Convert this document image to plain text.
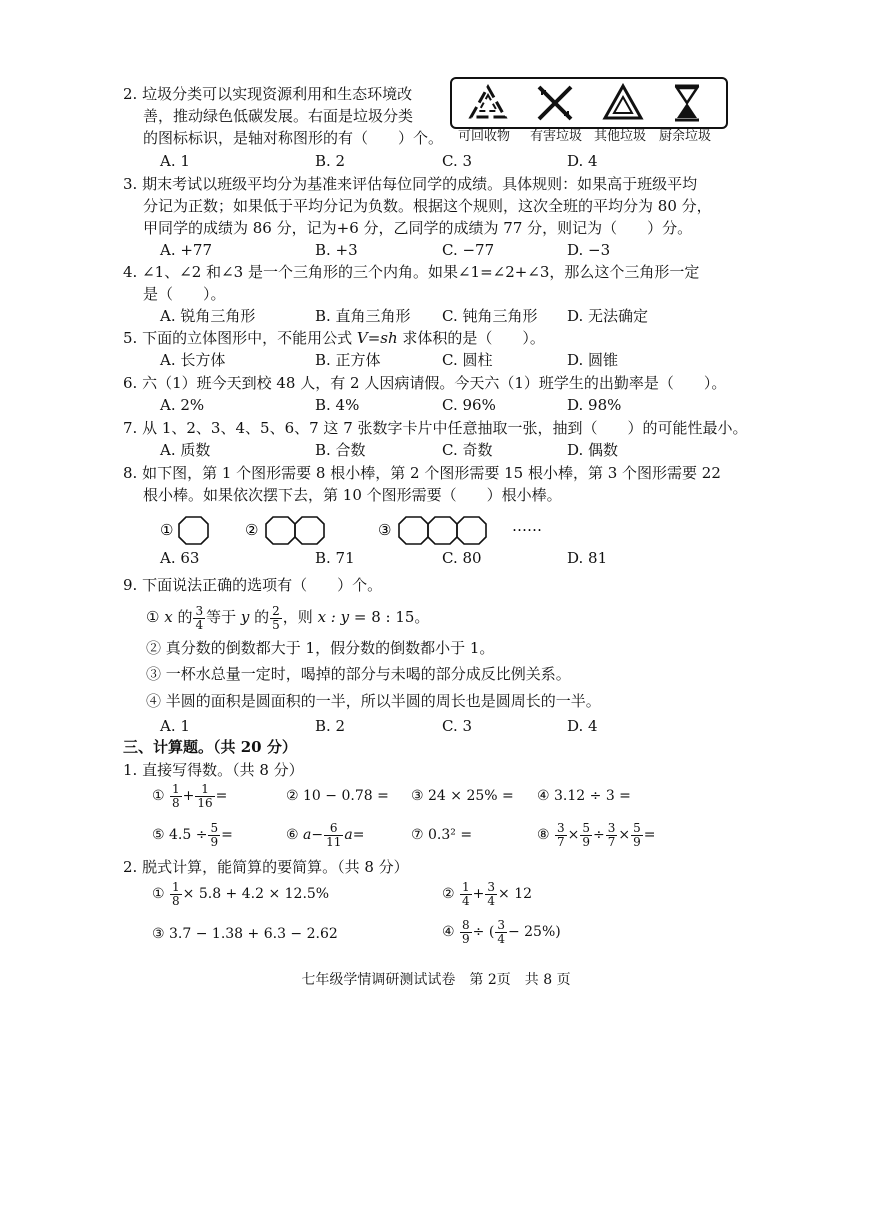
2. 垃圾分类可以实现资源利用和生态环境改
善，推动绿色低碳发展。右面是垃圾分类
的图标标识，是轴对称图形的有（　　）个。 可回收物 有害垃圾 其他垃圾 厨余垃圾
A. 1	B. 2	C. 3	D. 4
3. 期末考试以班级平均分为基准来评估每位同学的成绩。具体规则：如果高于班级平均
分记为正数；如果低于平均分记为负数。根据这个规则，这次全班的平均分为 80 分，
甲同学的成绩为 86 分，记为+6 分，乙同学的成绩为 77 分，则记为（　　）分。
A. +77	B. +3	C. −77	D. −3
4. ∠1、∠2 和∠3 是一个三角形的三个内角。如果∠1=∠2+∠3，那么这个三角形一定
是（　　）。
A. 锐角三角形	B. 直角三角形 C. 钝角三角形 D. 无法确定
5. 下面的立体图形中，不能用公式 V=sh 求体积的是（　　）。
A. 长方体	B. 正方体	C. 圆柱	D. 圆锥
6. 六（1）班今天到校 48 人，有 2 人因病请假。今天六（1）班学生的出勤率是（　　）。
A. 2%	B. 4%	C. 96%	D. 98%
7. 从 1、2、3、4、5、6、7 这 7 张数字卡片中任意抽取一张，抽到（　　）的可能性最小。
A. 质数	B. 合数	C. 奇数	D. 偶数
8. 如下图，第 1 个图形需要 8 根小棒，第 2 个图形需要 15 根小棒，第 3 个图形需要 22
根小棒。如果依次摆下去，第 10 个图形需要（　　）根小棒。
①	②	③	……
A. 63	B. 71	C. 80	D. 81
9. 下面说法正确的选项有（　　）个。
① x 的 $\frac{3}{4}$ 等于 y 的 $\frac{2}{5}$ ，则 x : y = 8 : 15。
② 真分数的倒数都大于 1，假分数的倒数都小于 1。
③ 一杯水总量一定时，喝掉的部分与未喝的部分成反比例关系。
④ 半圆的面积是圆面积的一半，所以半圆的周长也是圆周长的一半。
A. 1	B. 2	C. 3	D. 4
三、计算题。（共 20 分）
1. 直接写得数。（共 8 分）
① $\frac{1}{8} + \frac{1}{16}$ =	② 10 − 0.78 = ③ 24 × 25% = ④ 3.12 ÷ 3 =
⑤ $4.5 \div \frac{5}{9}$ =	⑥ $a- \frac{6}{11} a=$	⑦ 0.3² =	⑧ $\frac{3}{7} \times \frac{5}{9} \div \frac{3}{7} \times \frac{5}{9}$ =
2. 脱式计算，能简算的要简算。（共 8 分）
① $\frac{1}{8} \times 5.8 + 4.2 \times 12.5\%$	② $\frac{1}{4} + \frac{3}{4} \times 12$
③ 3.7 − 1.38 + 6.3 − 2.62	④ $\frac{8}{9}$ ÷ ( $\frac{3}{4} - 25\%$)
七年级学情调研测试试卷　第 2页　共 8 页
